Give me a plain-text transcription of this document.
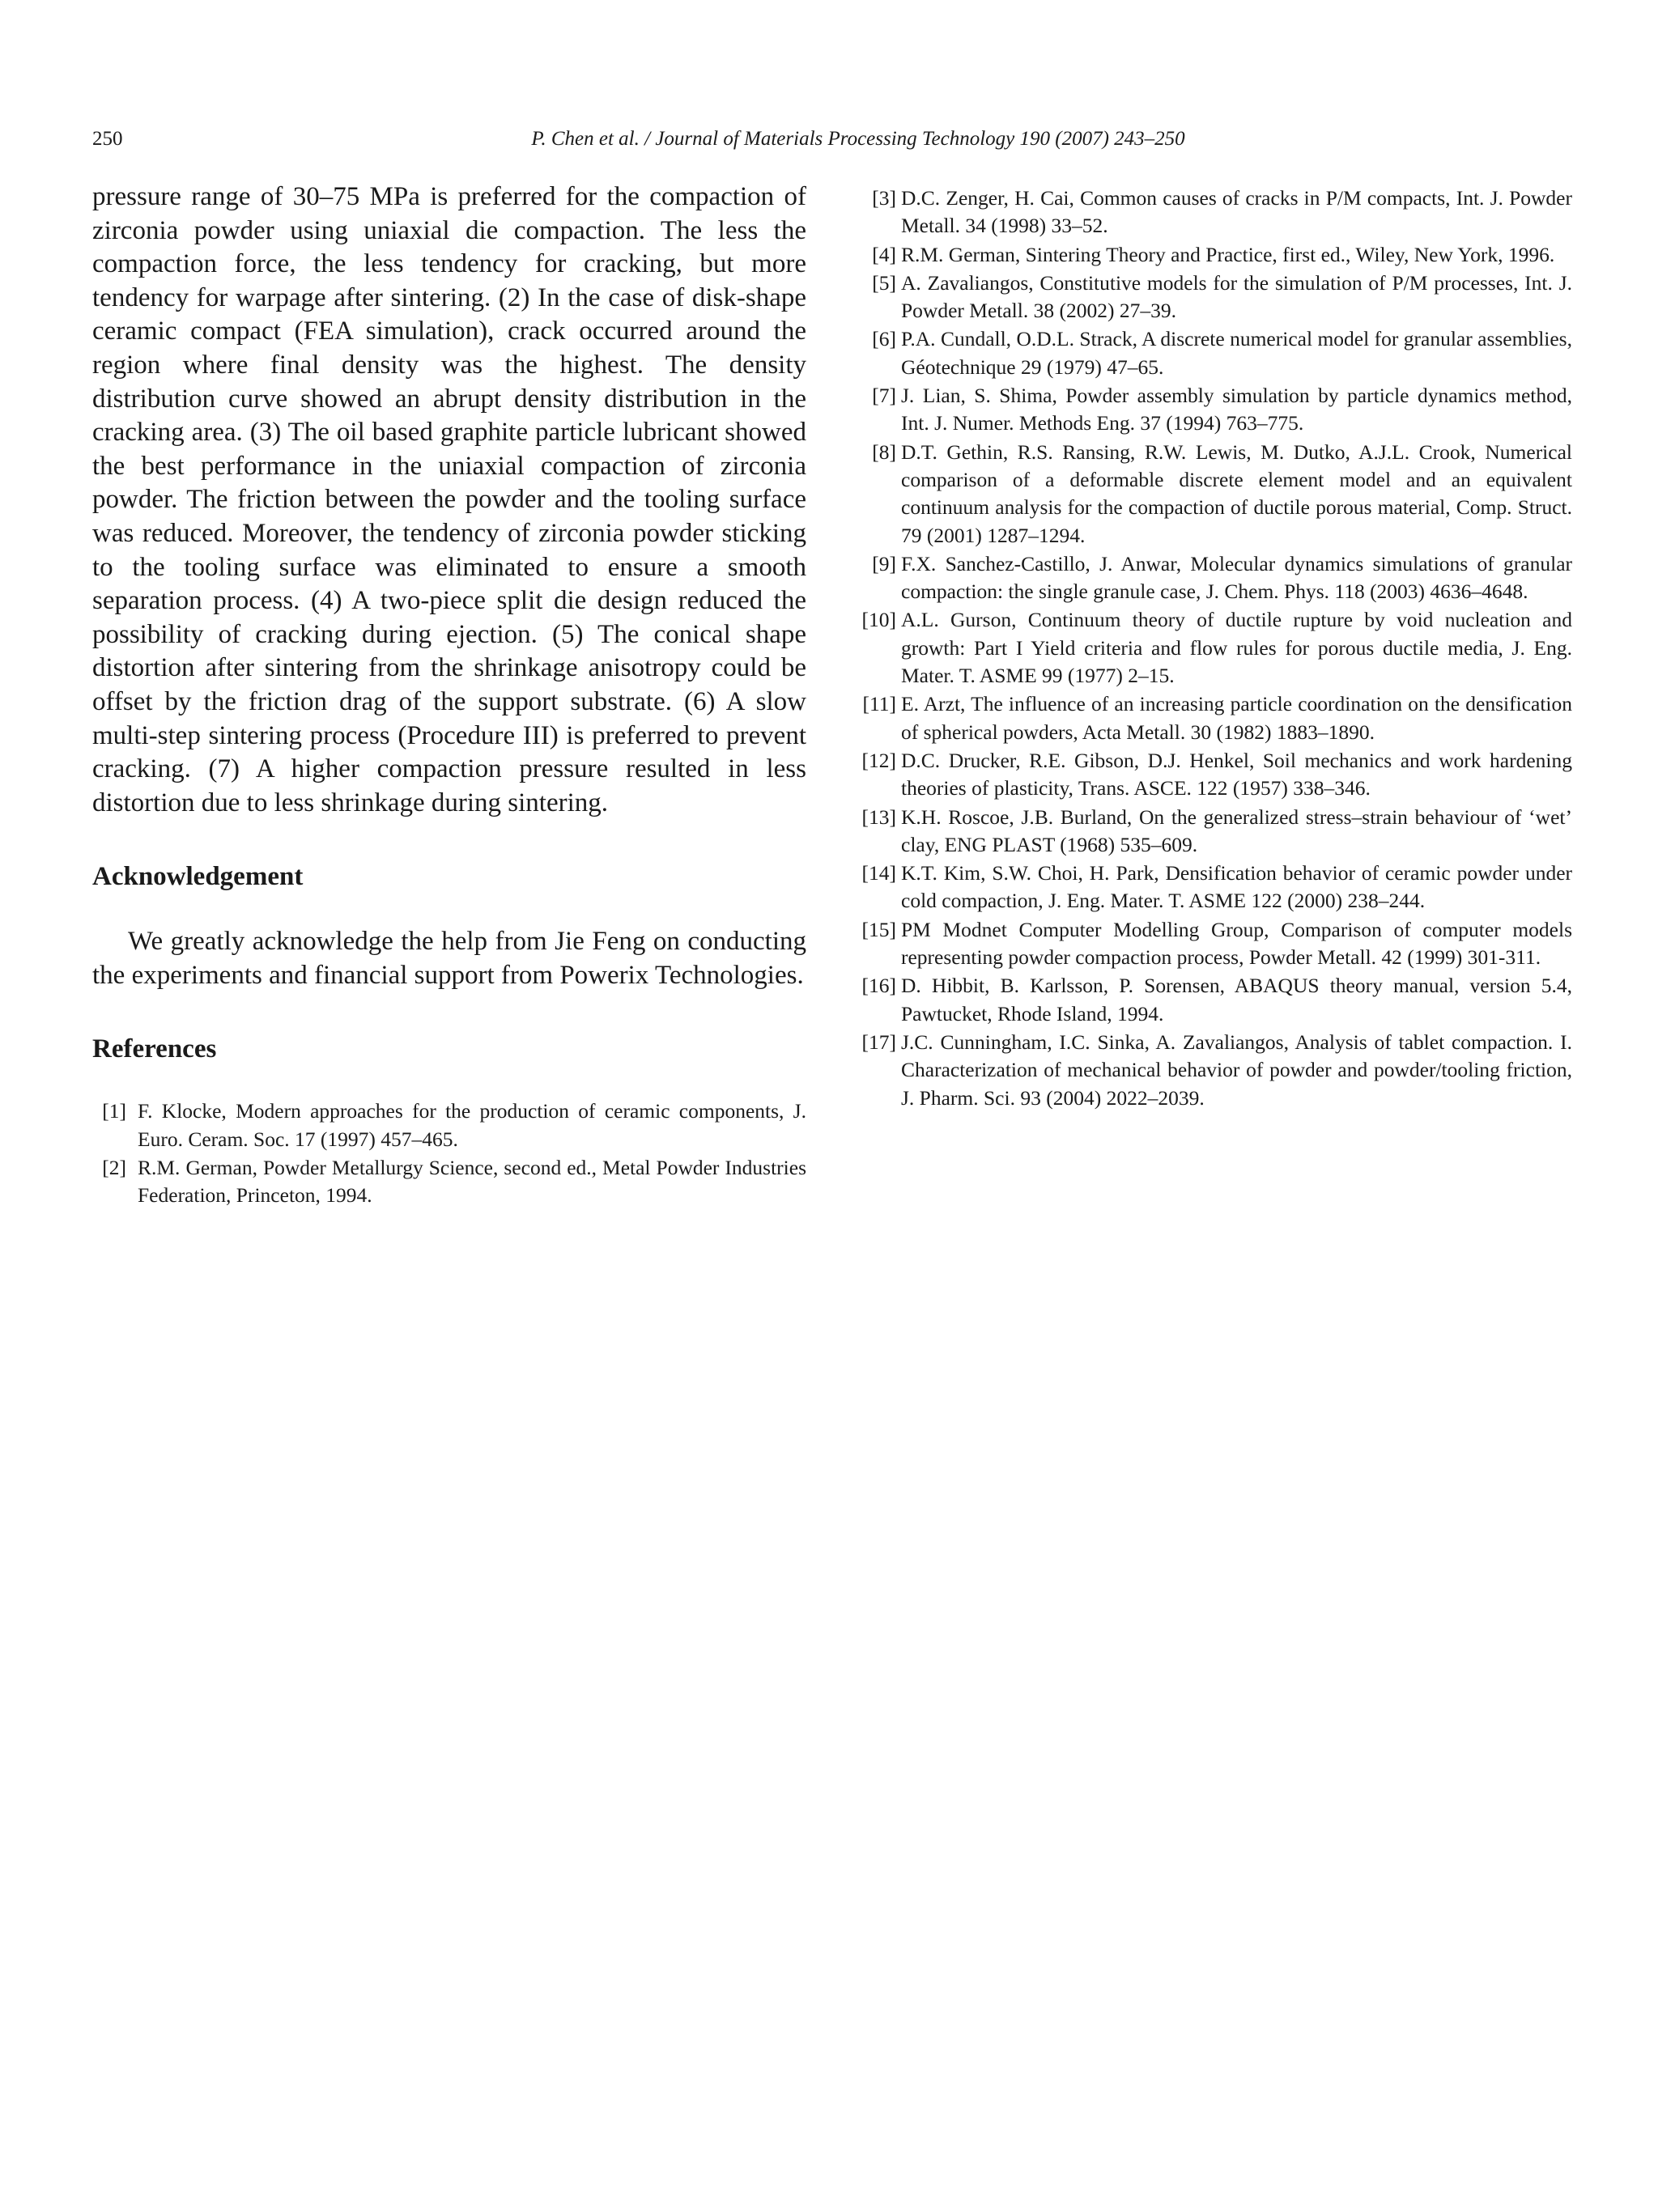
250	P. Chen et al. / Journal of Materials Processing Technology 190 (2007) 243–250

pressure range of 30–75 MPa is preferred for the compaction of zirconia powder using uniaxial die compaction. The less the compaction force, the less tendency for cracking, but more tendency for warpage after sintering. (2) In the case of disk-shape ceramic compact (FEA simulation), crack occurred around the region where final density was the highest. The density distribution curve showed an abrupt density distribution in the cracking area. (3) The oil based graphite particle lubricant showed the best performance in the uniaxial compaction of zirconia powder. The friction between the powder and the tooling surface was reduced. Moreover, the tendency of zirconia powder sticking to the tooling surface was eliminated to ensure a smooth separation process. (4) A two-piece split die design reduced the possibility of cracking during ejection. (5) The conical shape distortion after sintering from the shrinkage anisotropy could be offset by the friction drag of the support substrate. (6) A slow multi-step sintering process (Procedure III) is preferred to prevent cracking. (7) A higher compaction pressure resulted in less distortion due to less shrinkage during sintering.

Acknowledgement

We greatly acknowledge the help from Jie Feng on conducting the experiments and financial support from Powerix Technologies.

References
[1] F. Klocke, Modern approaches for the production of ceramic components, J. Euro. Ceram. Soc. 17 (1997) 457–465.
[2] R.M. German, Powder Metallurgy Science, second ed., Metal Powder Industries Federation, Princeton, 1994.
[3] D.C. Zenger, H. Cai, Common causes of cracks in P/M compacts, Int. J. Powder Metall. 34 (1998) 33–52.
[4] R.M. German, Sintering Theory and Practice, first ed., Wiley, New York, 1996.
[5] A. Zavaliangos, Constitutive models for the simulation of P/M processes, Int. J. Powder Metall. 38 (2002) 27–39.
[6] P.A. Cundall, O.D.L. Strack, A discrete numerical model for granular assemblies, Géotechnique 29 (1979) 47–65.
[7] J. Lian, S. Shima, Powder assembly simulation by particle dynamics method, Int. J. Numer. Methods Eng. 37 (1994) 763–775.
[8] D.T. Gethin, R.S. Ransing, R.W. Lewis, M. Dutko, A.J.L. Crook, Numerical comparison of a deformable discrete element model and an equivalent continuum analysis for the compaction of ductile porous material, Comp. Struct. 79 (2001) 1287–1294.
[9] F.X. Sanchez-Castillo, J. Anwar, Molecular dynamics simulations of granular compaction: the single granule case, J. Chem. Phys. 118 (2003) 4636–4648.
[10] A.L. Gurson, Continuum theory of ductile rupture by void nucleation and growth: Part I Yield criteria and flow rules for porous ductile media, J. Eng. Mater. T. ASME 99 (1977) 2–15.
[11] E. Arzt, The influence of an increasing particle coordination on the densification of spherical powders, Acta Metall. 30 (1982) 1883–1890.
[12] D.C. Drucker, R.E. Gibson, D.J. Henkel, Soil mechanics and work hardening theories of plasticity, Trans. ASCE. 122 (1957) 338–346.
[13] K.H. Roscoe, J.B. Burland, On the generalized stress–strain behaviour of ‘wet’ clay, ENG PLAST (1968) 535–609.
[14] K.T. Kim, S.W. Choi, H. Park, Densification behavior of ceramic powder under cold compaction, J. Eng. Mater. T. ASME 122 (2000) 238–244.
[15] PM Modnet Computer Modelling Group, Comparison of computer models representing powder compaction process, Powder Metall. 42 (1999) 301-311.
[16] D. Hibbit, B. Karlsson, P. Sorensen, ABAQUS theory manual, version 5.4, Pawtucket, Rhode Island, 1994.
[17] J.C. Cunningham, I.C. Sinka, A. Zavaliangos, Analysis of tablet compaction. I. Characterization of mechanical behavior of powder and powder/tooling friction, J. Pharm. Sci. 93 (2004) 2022–2039.
